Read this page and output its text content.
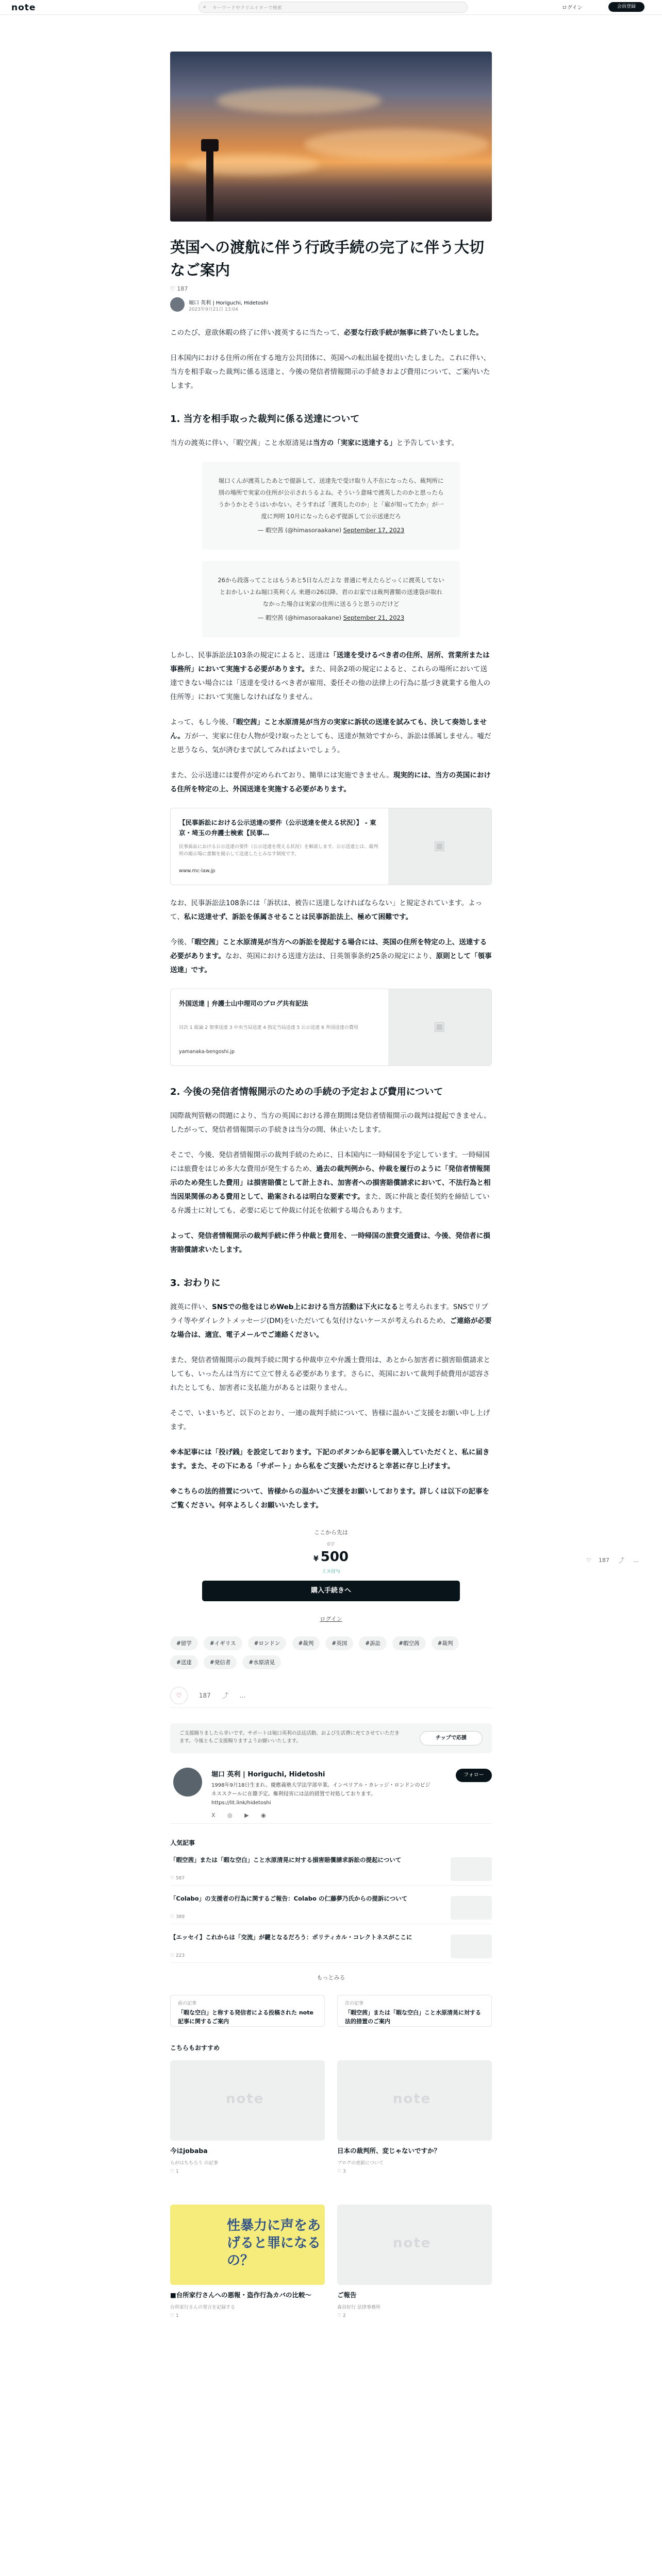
note	⌕ キーワードやクリエイターで検索	ログイン	会員登録
英国への渡航に伴う行政手続の完了に伴う大切なご案内
♡ 187
堀口 英利 | Horiguchi, Hidetoshi
2023年9月21日 13:04

このたび、意欲休暇の終了に伴い渡英するに当たって、必要な行政手続が無事に終了いたしました。

日本国内における住所の所在する地方公共団体に、英国への転出届を提出いたしました。これに伴い、当方を相手取った裁判に係る送達と、今後の発信者情報開示の手続きおよび費用について、ご案内いたします。

1. 当方を相手取った裁判に係る送達について

当方の渡英に伴い、「暇空茜」こと水原清晃は当方の「実家に送達する」と予告しています。

堀口くんが渡英したあとで提訴して、送達先で受け取り人不在になったら、裁判所に別の場所で実家の住所が公示されうるよね。そういう意味で渡英したのかと思ったらうかうかとそうはいかない。そうすれば「渡英したのか」と「雇が知ってたか」が一度に判明 10月になったら必ず提訴して公示送達だろ
— 暇空茜 (@himasoraakane) September 17, 2023
26から段落ってことはもうあと5日なんだよな 普通に考えたらどっくに渡英してないとおかしいよね堀口英利くん 来週の26以降、君のお家では裁判書類の送達袋が取れなかった場合は実家の住所に送るうと思うのだけど
— 暇空茜 (@himasoraakane) September 21, 2023

しかし、民事訴訟法103条の規定によると、送達は「送達を受けるべき者の住所、居所、営業所または事務所」において実施する必要があります。また、同条2項の規定によると、これらの場所において送達できない場合には「送達を受けるべき者が雇用、委任その他の法律上の行為に基づき就業する他人の住所等」において実施しなければなりません。

よって、もし今後、「暇空茜」こと水原清晃が当方の実家に訴状の送達を試みても、決して奏効しません。万が一、実家に住む人物が受け取ったとしても、送達が無効ですから、訴訟は係属しません。嘘だと思うなら、気が済むまで試してみればよいでしょう。

また、公示送達には要件が定められており、簡単には実施できません。現実的には、当方の英国における住所を特定の上、外国送達を実施する必要があります。

【民事訴訟における公示送達の要件（公示送達を使える状況）】 - 東京・埼玉の弁護士検索【民事…
民事訴訟における公示送達の要件（公示送達を使える状況）を解説します。公示送達とは、裁判所の掲示場に書類を掲示して送達したとみなす制度です。
www.mc-law.jp
▣

なお、民事訴訟法108条には「訴状は、被告に送達しなければならない」と規定されています。よって、私に送達せず、訴訟を係属させることは民事訴訟法上、極めて困難です。

今後、「暇空茜」こと水原清晃が当方への訴訟を提起する場合には、英国の住所を特定の上、送達する必要があります。なお、英国における送達方法は、日英領事条約25条の規定により、原則として「領事送達」です。

外国送達 | 弁護士山中理司のブログ共有記法
目次 1 総論 2 領事送達 3 中央当局送達 4 指定当局送達 5 公示送達 6 外国送達の費用
yamanaka-bengoshi.jp
▣
2. 今後の発信者情報開示のための手続の予定および費用について

国際裁判管轄の問題により、当方の英国における滞在期間は発信者情報開示の裁判は提起できません。したがって、発信者情報開示の手続きは当分の間、休止いたします。

そこで、今後、発信者情報開示の裁判手続のために、日本国内に一時帰国を予定しています。一時帰国には旅費をはじめ多大な費用が発生するため、過去の裁判例から、仲裁を履行のように「発信者情報開示のため発生した費用」は損害賠償として計上され、加害者への損害賠償請求において、不法行為と相当因果関係のある費用として、勘案されるは明白な要素です。また、既に仲裁と委任契約を締結している弁護士に対しても、必要に応じて仲裁に付託を依頼する場合もあります。

よって、発信者情報開示の裁判手続に伴う仲裁と費用を、一時帰国の旅費交通費は、今後、発信者に損害賠償請求いたします。

3. おわりに

渡英に伴い、SNSでの他をはじめWeb上における当方活動は下火になると考えられます。SNSでリプライ等やダイレクトメッセージ(DM)をいただいても気付けないケースが考えられるため、ご連絡が必要な場合は、適宜、電子メールでご連絡ください。

また、発信者情報開示の裁判手続に関する仲裁申立や弁護士費用は、あとから加害者に損害賠償請求としても、いったんは当方にて立て替える必要があります。さらに、英国において裁判手続費用が認容されたとしても、加害者に支払能力があるとは限りません。

そこで、いまいちど、以下のとおり、一連の裁判手続について、皆様に温かいご支援をお願い申し上げます。

※本記事には「投げ銭」を設定しております。下記のボタンから記事を購入していただくと、私に届きます。また、その下にある「サポート」から私をご支援いただけると幸甚に存じ上げます。

※こちらの法的措置について、皆様からの温かいご支援をお願いしております。詳しくは以下の記事をご覧ください。何卒よろしくお願いいたします。

ここから先は
0字
¥ 500
ミス付与
購入手続きへ
ログイン
#留学	#イギリス	#ロンドン	#裁判	#英国	#訴訟	#暇空茜	#裁判 #送達	#発信者	#水原清晃
♡	187 ⤴ …
ご支援賜りましたら幸いです。サポートは堀口英利の法廷活動、および生活費に充てさせていただきます。今後ともご支援賜りますようお願いいたします。
チップで応援
堀口 英利 | Horiguchi, Hidetoshi
1998年9月18日生まれ。慶應義塾大学法学部卒業。インペリアル・カレッジ・ロンドンのビジネススクールに在籍予定。権利侵害には法的措置で対処しております。
https://lit.link/hidetoshi
フォロー
X ◎ ▶ ◉
人気記事
「暇空茜」または「暇な空白」こと水原清晃に対する損害賠償請求訴訟の提起について
♡ 587
「Colabo」の支援者の行為に関するご報告：Colabo の仁藤夢乃氏からの提訴について
♡ 389
【エッセイ】これからは「交流」が鍵となるだろう：ポリティカル・コレクトネスがここに
♡ 223
もっとみる
前の記事
「暇な空白」と称する発信者による投稿された note記事に関するご案内
次の記事
「暇空茜」または「暇な空白」こと水原清晃に対する法的措置のご案内
こちらもおすすめ
note
今はjobaba
らがはちちろう の記事
♡ 1
note
日本の裁判所、変じゃないですか？
ブログの更新について
♡ 3
性暴力に声をあげると罪になるの？
■台所家行さんへの悪報・盗作行為カバの比較〜
台所家行さんの発言を記録する
♡ 1
note
ご報告
森谷好行 法律事務所
♡ 2
♡ 187 ⤴ …
